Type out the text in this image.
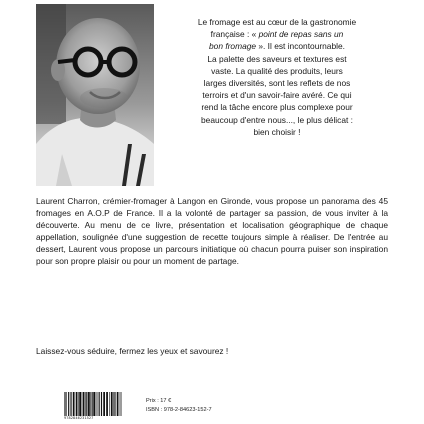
Le fromage est au cœur de la gastronomie
française : « point de repas sans un
bon fromage ». Il est incontournable.
La palette des saveurs et textures est
vaste. La qualité des produits, leurs
larges diversités, sont les reflets de nos
terroirs et d'un savoir-faire avéré. Ce qui
rend la tâche encore plus complexe pour
beaucoup d'entre nous..., le plus délicat :
bien choisir !

Laurent Charron, crémier-fromager à Langon en Gironde, vous propose un panorama des 45 fromages en A.O.P de France. Il a la volonté de partager sa passion, de vous inviter à la découverte. Au menu de ce livre, présentation et localisation géographique de chaque appellation, soulignée d'une suggestion de recette toujours simple à réaliser. De l'entrée au dessert, Laurent vous propose un parcours initiatique où chacun pourra puiser son inspiration pour son propre plaisir ou pour un moment de partage.

Laissez-vous séduire, fermez les yeux et savourez !

9782846231527
Prix : 17 €
ISBN : 978-2-84623-152-7
